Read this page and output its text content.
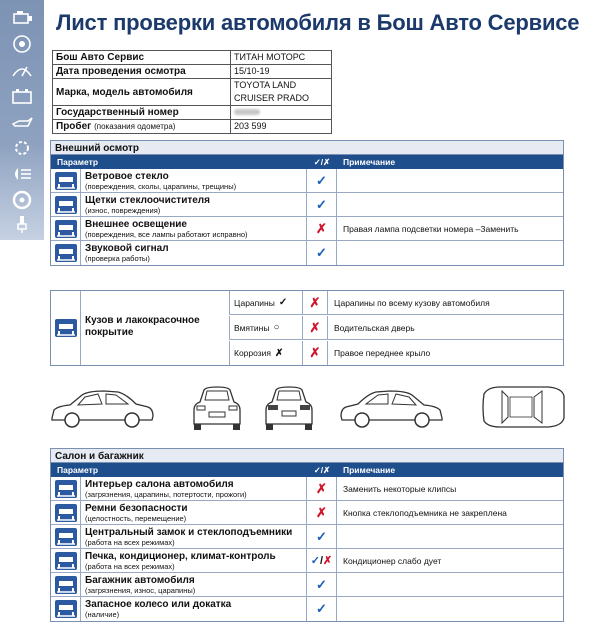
Лист проверки автомобиля в Бош Авто Сервисе
Бош Авто Сервис	ТИТАН МОТОРС
Дата проведения осмотра	15/10-19
Марка, модель автомобиля	TOYOTA LAND CRUISER PRADO
Государственный номер	
Пробег (показания одометра)	203 599
Внешний осмотр
Параметр	✓/✗	Примечание
Ветровое стекло
(повреждения, сколы, царапины, трещины)	✓
Щетки стеклоочистителя
(износ, повреждения)	✓
Внешнее освещение
(повреждения, все лампы работают исправно)	✗	Правая лампа подсветки номера –Заменить
Звуковой сигнал
(проверка работы)	✓
Кузов и лакокрасочное покрытие
Царапины ✓	✗	Царапины по всему кузову автомобиля
Вмятины ○	✗	Водительская дверь
Коррозия ✗	✗	Правое переднее крыло
Салон и багажник
Параметр	✓/✗	Примечание
Интерьер салона автомобиля
(загрязнения, царапины, потертости, прожоги)	✗	Заменить некоторые клипсы
Ремни безопасности
(целостность, перемещение)	✗	Кнопка стеклоподъемника не закреплена
Центральный замок и стеклоподъемники
(работа на всех режимах)	✓
Печка, кондиционер, климат-контроль
(работа на всех режимах)	✓ / ✗	Кондиционер слабо дует
Багажник автомобиля
(загрязнения, износ, царапины)	✓
Запасное колесо или докатка
(наличие)	✓
